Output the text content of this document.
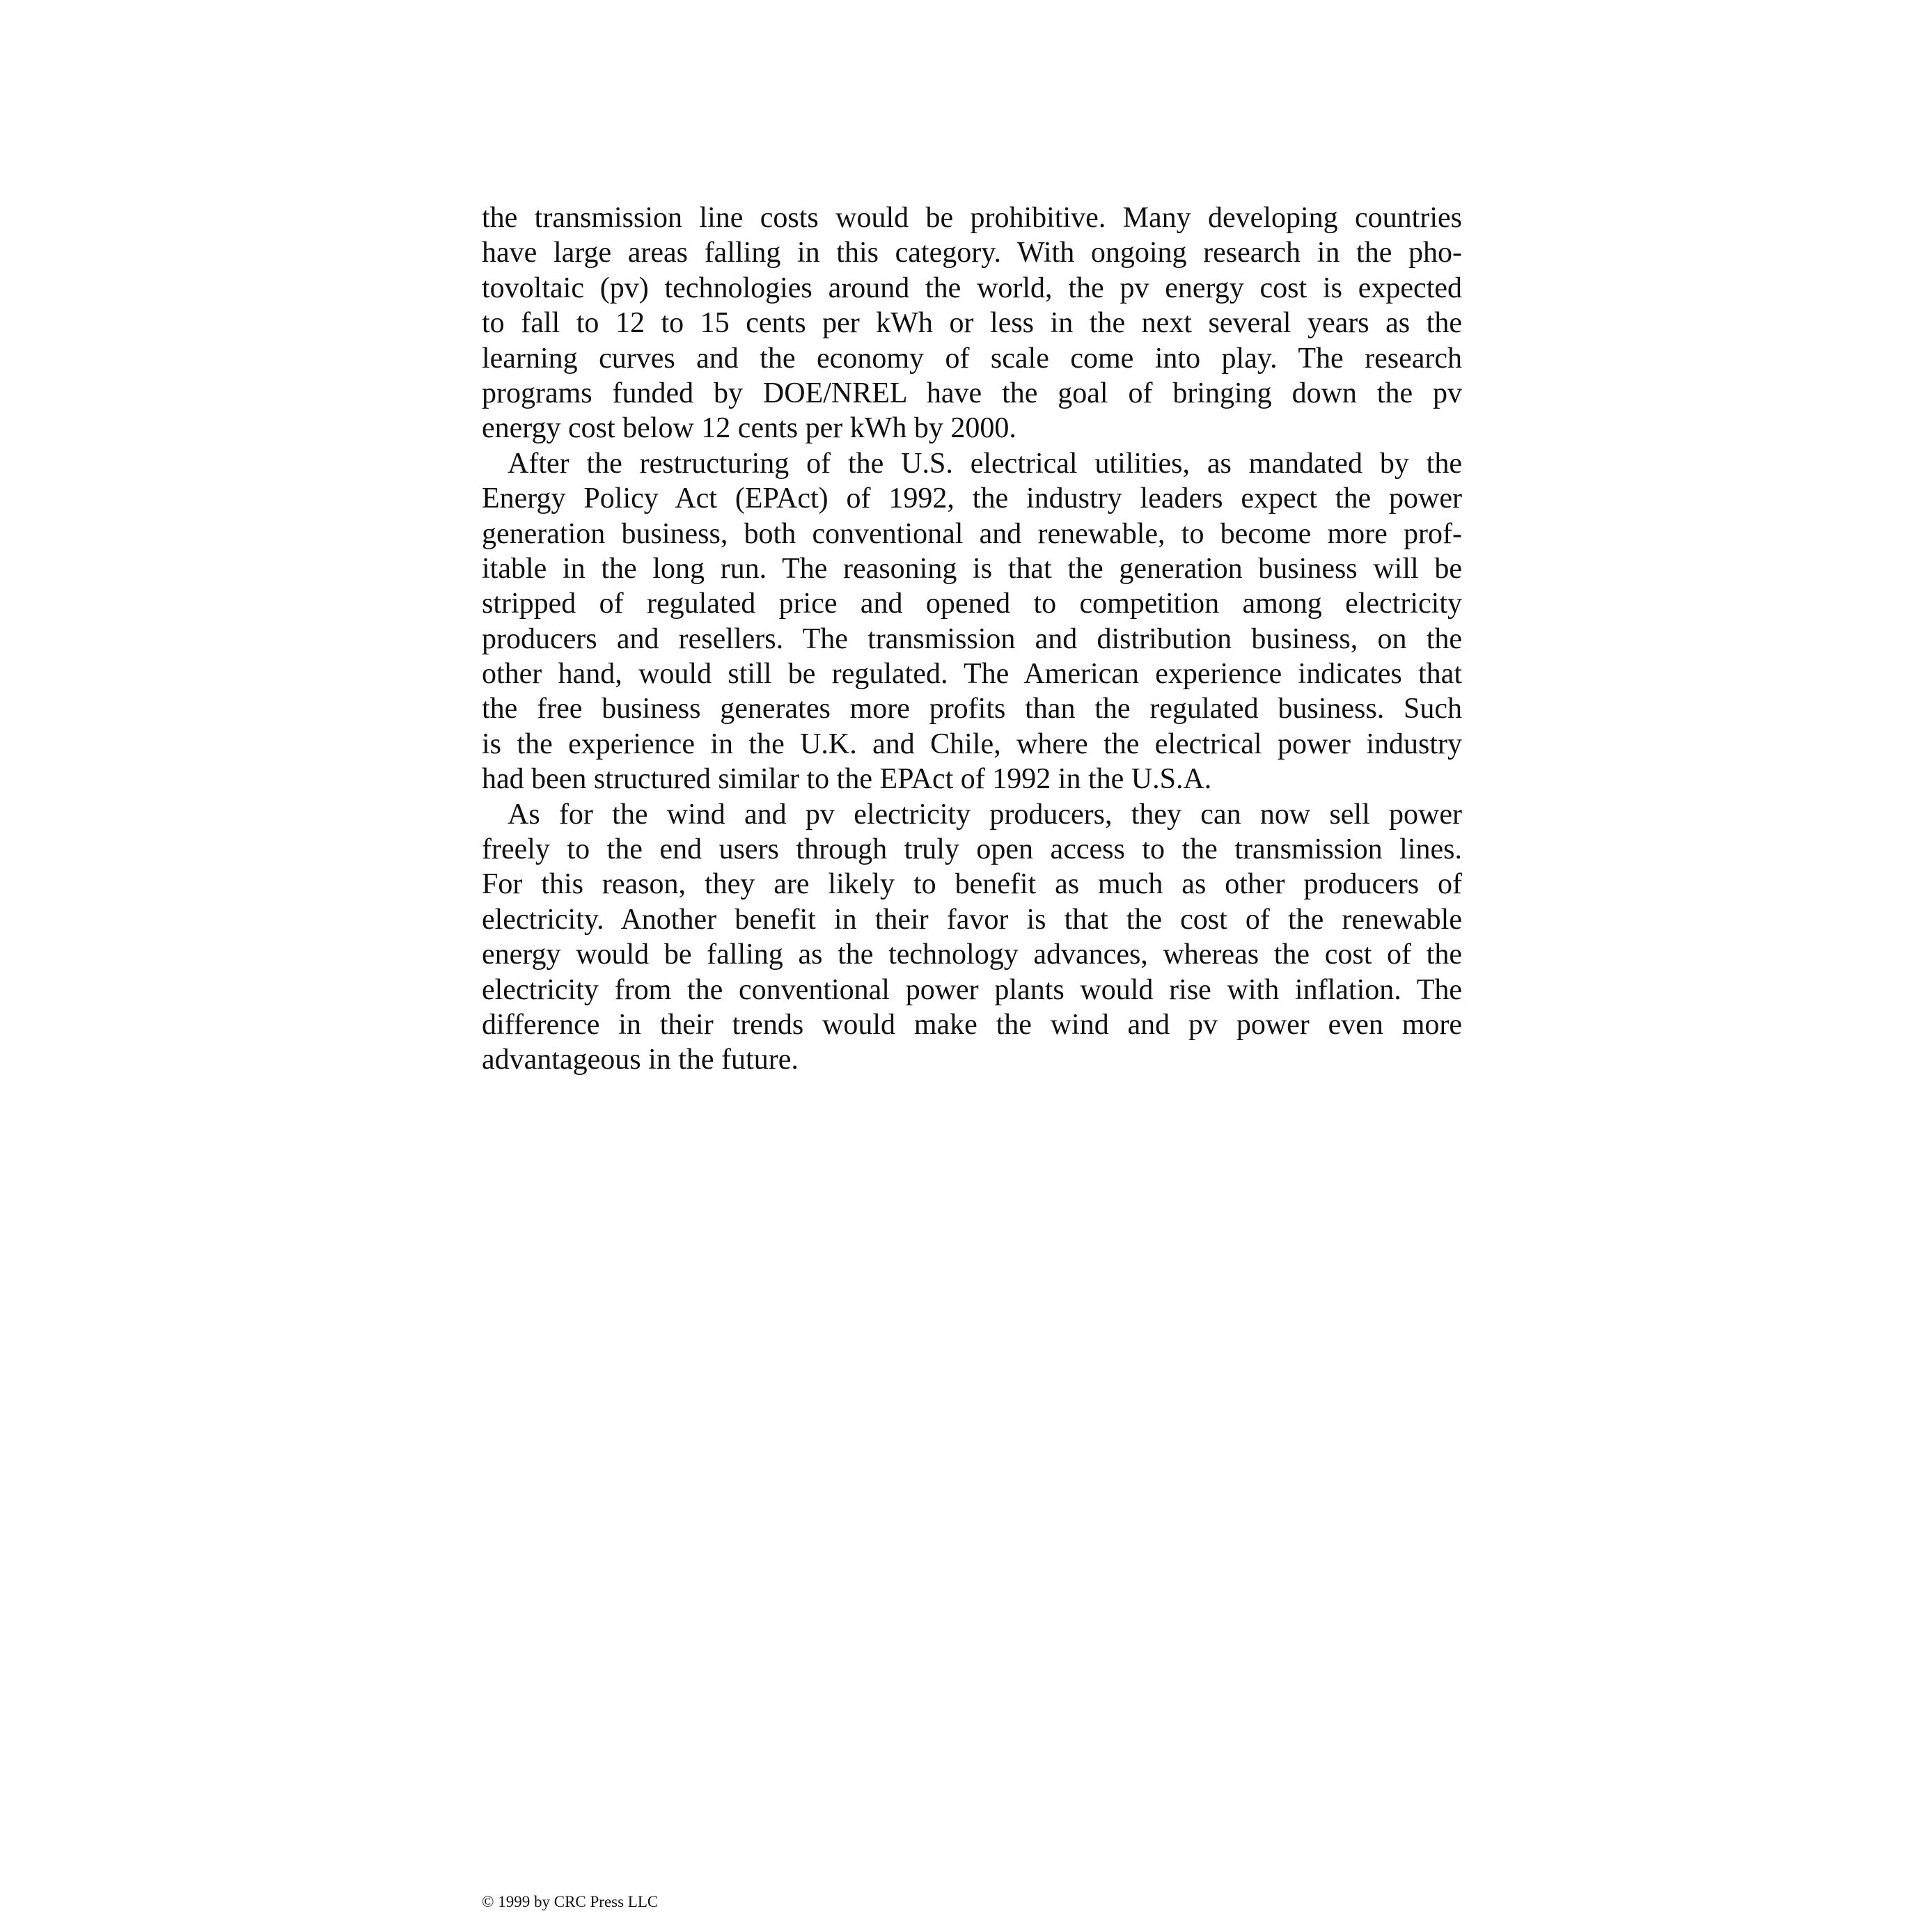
the transmission line costs would be prohibitive. Many developing countries
have large areas falling in this category. With ongoing research in the pho-
tovoltaic (pv) technologies around the world, the pv energy cost is expected
to fall to 12 to 15 cents per kWh or less in the next several years as the
learning curves and the economy of scale come into play. The research
programs funded by DOE/NREL have the goal of bringing down the pv
energy cost below 12 cents per kWh by 2000.

After the restructuring of the U.S. electrical utilities, as mandated by the
Energy Policy Act (EPAct) of 1992, the industry leaders expect the power
generation business, both conventional and renewable, to become more prof-
itable in the long run. The reasoning is that the generation business will be
stripped of regulated price and opened to competition among electricity
producers and resellers. The transmission and distribution business, on the
other hand, would still be regulated. The American experience indicates that
the free business generates more profits than the regulated business. Such
is the experience in the U.K. and Chile, where the electrical power industry
had been structured similar to the EPAct of 1992 in the U.S.A.

As for the wind and pv electricity producers, they can now sell power
freely to the end users through truly open access to the transmission lines.
For this reason, they are likely to benefit as much as other producers of
electricity. Another benefit in their favor is that the cost of the renewable
energy would be falling as the technology advances, whereas the cost of the
electricity from the conventional power plants would rise with inflation. The
difference in their trends would make the wind and pv power even more
advantageous in the future.

© 1999 by CRC Press LLC
